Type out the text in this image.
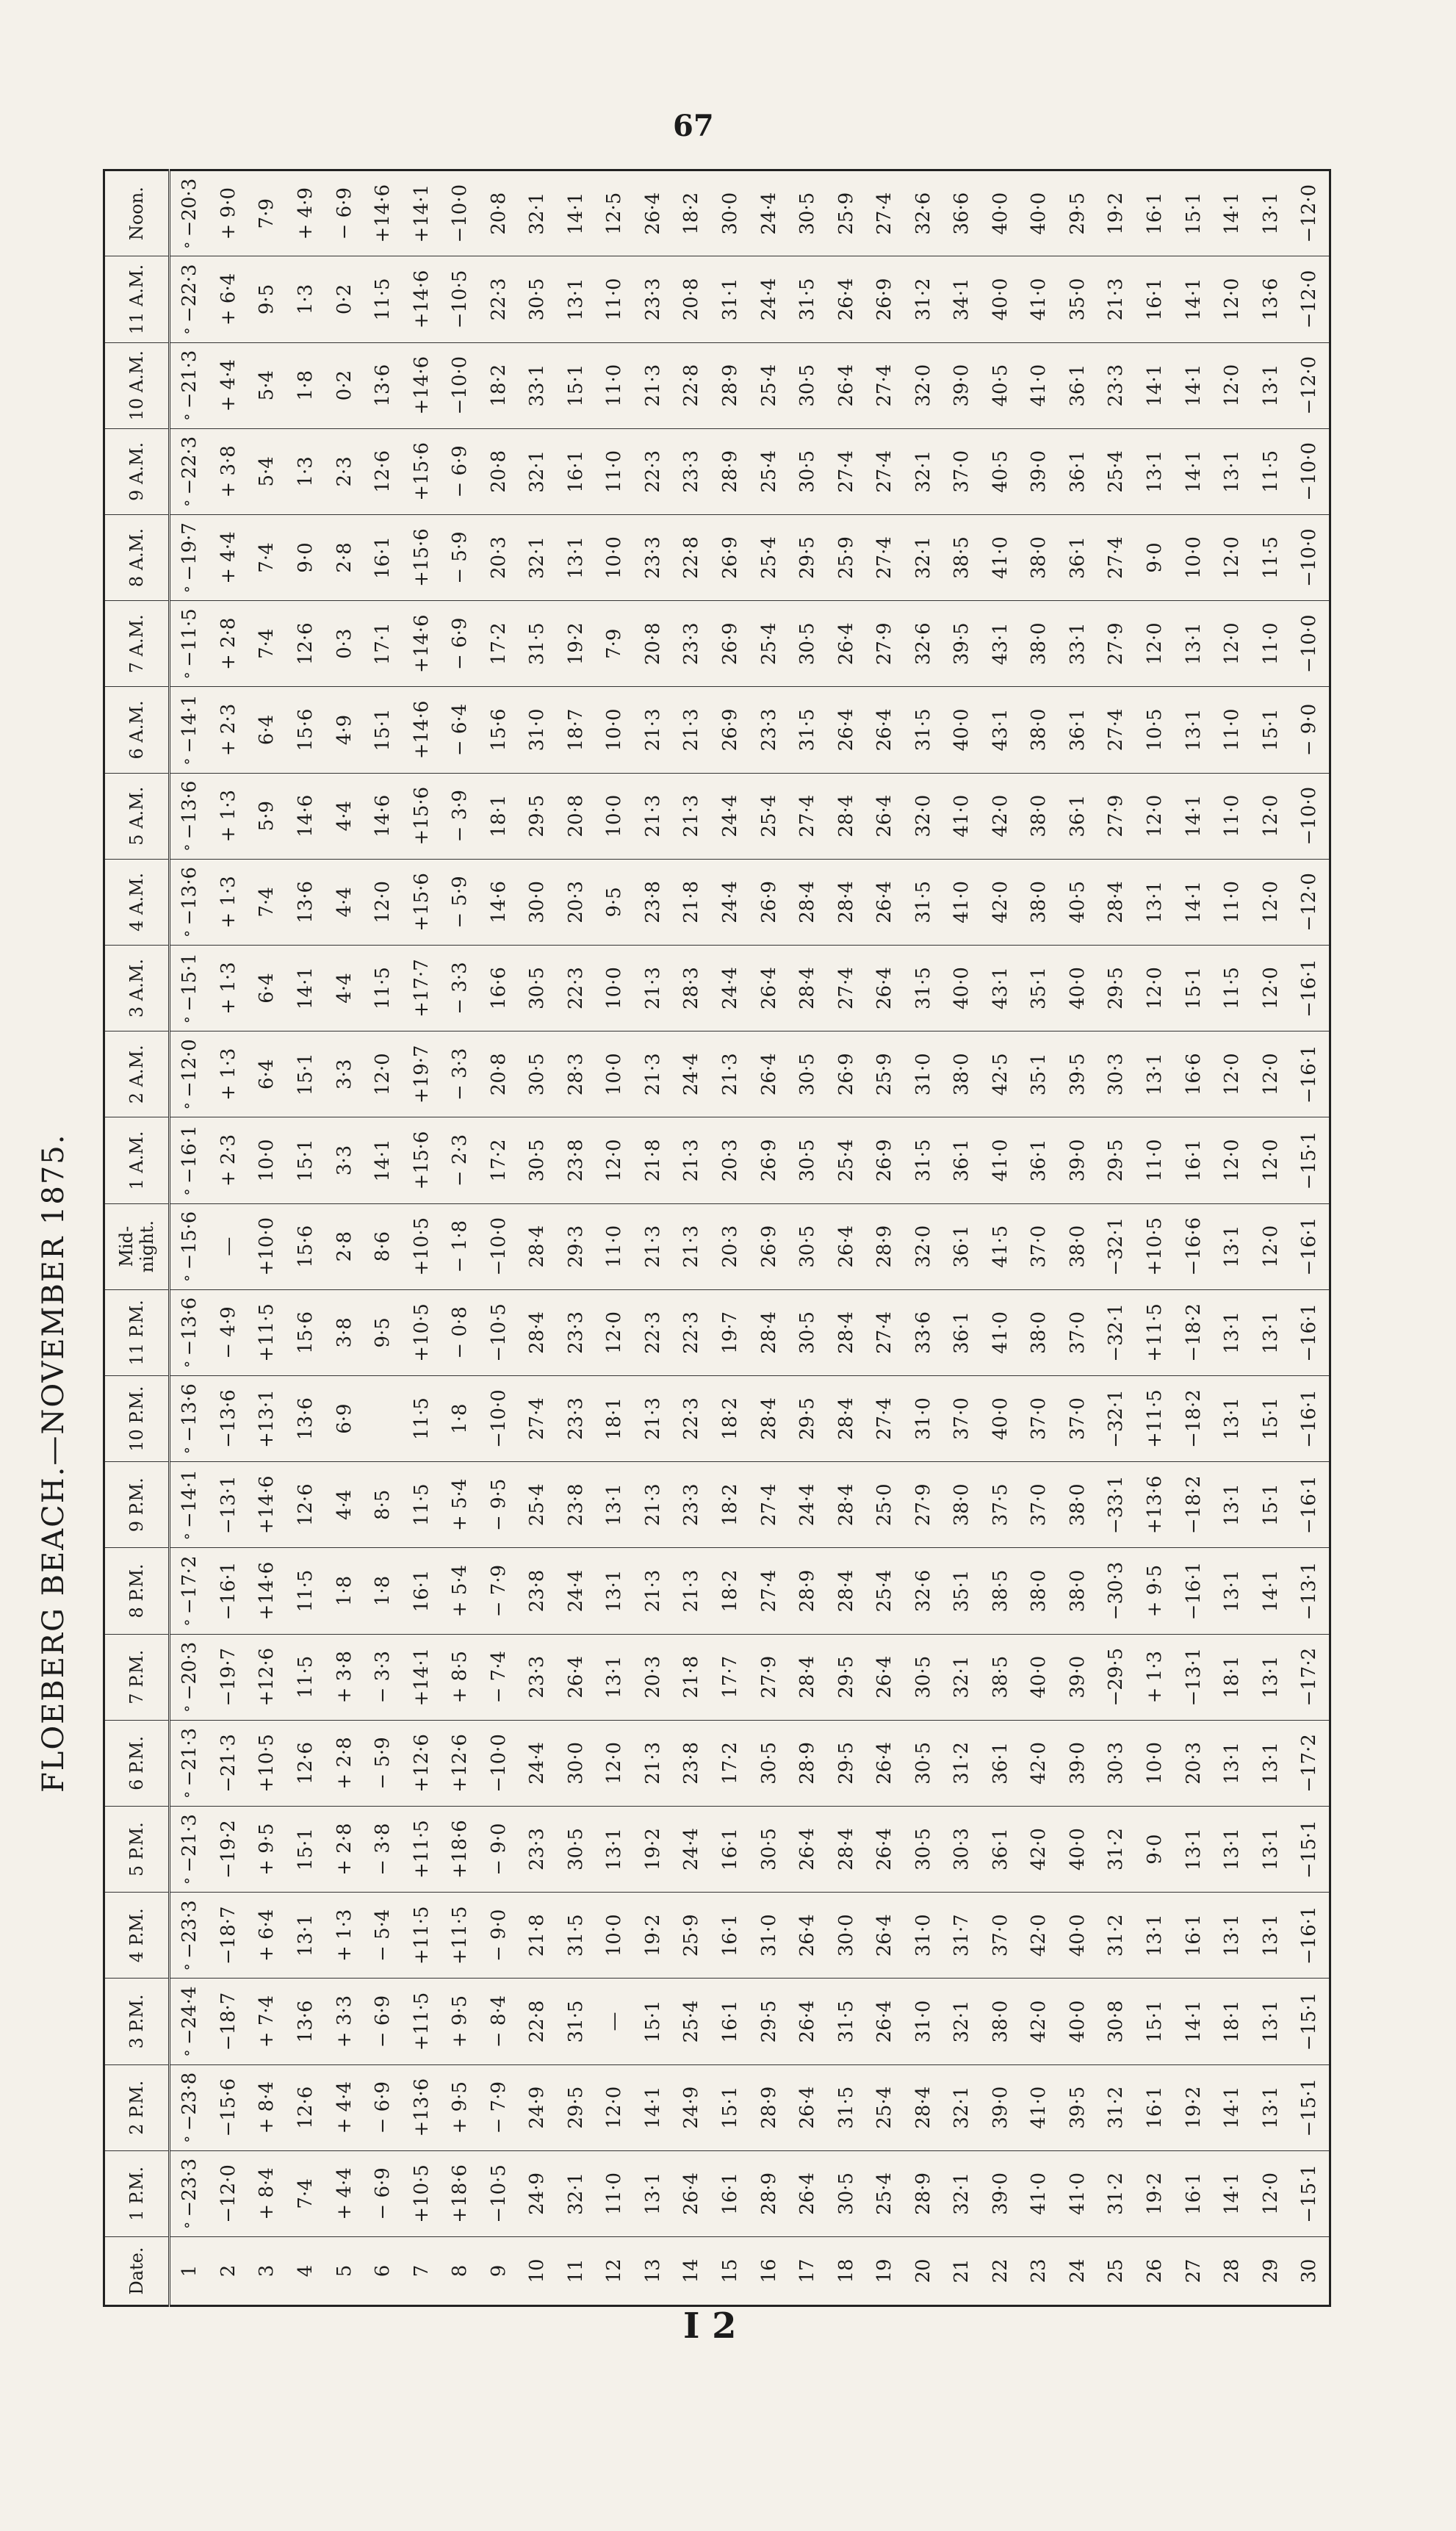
67
FLOEBERG BEACH.—NOVEMBER 1875.
Date.	1 P.M.	2 P.M.	3 P.M.	4 P.M.	5 P.M.	6 P.M.	7 P.M.	8 P.M.	9 P.M.	10 P.M.	11 P.M.	Mid-night.	1 A.M.	2 A.M.	3 A.M.	4 A.M.	5 A.M.	6 A.M.	7 A.M.	8 A.M.	9 A.M.	10 A.M.	11 A.M.	Noon.
1	° −23·3	° −23·8	° −24·4	° −23·3	° −21·3	° −21·3	° −20·3	° −17·2	° −14·1	° −13·6	° −13·6	° −15·6	° −16·1	° −12·0	° −15·1	° −13·6	° −13·6	° −14·1	° −11·5	° −19·7	° −22·3	° −21·3	° −22·3	° −20·3
2	−12·0	−15·6	−18·7	−18·7	−19·2	−21·3	−19·7	−16·1	−13·1	−13·6	− 4·9	—	+ 2·3	+ 1·3	+ 1·3	+ 1·3	+ 1·3	+ 2·3	+ 2·8	+ 4·4	+ 3·8	+ 4·4	+ 6·4	+ 9·0
3	+ 8·4	+ 8·4	+ 7·4	+ 6·4	+ 9·5	+10·5	+12·6	+14·6	+14·6	+13·1	+11·5	+10·0	10·0	6·4	6·4	7·4	5·9	6·4	7·4	7·4	5·4	5·4	9·5	7·9
4	7·4	12·6	13·6	13·1	15·1	12·6	11·5	11·5	12·6	13·6	15·6	15·6	15·1	15·1	14·1	13·6	14·6	15·6	12·6	9·0	1·3	1·8	1·3	+ 4·9
5	+ 4·4	+ 4·4	+ 3·3	+ 1·3	+ 2·8	+ 2·8	+ 3·8	1·8	4·4	6·9	3·8	2·8	3·3	3·3	4·4	4·4	4·4	4·9	0·3	2·8	2·3	0·2	0·2	− 6·9
6	− 6·9	− 6·9	− 6·9	− 5·4	− 3·8	− 5·9	− 3·3	1·8	8·5		9·5	8·6	14·1	12·0	11·5	12·0	14·6	15·1	17·1	16·1	12·6	13·6	11·5	+14·6
7	+10·5	+13·6	+11·5	+11·5	+11·5	+12·6	+14·1	16·1	11·5	11·5	+10·5	+10·5	+15·6	+19·7	+17·7	+15·6	+15·6	+14·6	+14·6	+15·6	+15·6	+14·6	+14·6	+14·1
8	+18·6	+ 9·5	+ 9·5	+11·5	+18·6	+12·6	+ 8·5	+ 5·4	+ 5·4	1·8	− 0·8	− 1·8	− 2·3	− 3·3	− 3·3	− 5·9	− 3·9	− 6·4	− 6·9	− 5·9	− 6·9	−10·0	−10·5	−10·0
9	−10·5	− 7·9	− 8·4	− 9·0	− 9·0	−10·0	− 7·4	− 7·9	− 9·5	−10·0	−10·5	−10·0	17·2	20·8	16·6	14·6	18·1	15·6	17·2	20·3	20·8	18·2	22·3	20·8
10	24·9	24·9	22·8	21·8	23·3	24·4	23·3	23·8	25·4	27·4	28·4	28·4	30·5	30·5	30·5	30·0	29·5	31·0	31·5	32·1	32·1	33·1	30·5	32·1
11	32·1	29·5	31·5	31·5	30·5	30·0	26·4	24·4	23·8	23·3	23·3	29·3	23·8	28·3	22·3	20·3	20·8	18·7	19·2	13·1	16·1	15·1	13·1	14·1
12	11·0	12·0	—	10·0	13·1	12·0	13·1	13·1	13·1	18·1	12·0	11·0	12·0	10·0	10·0	9·5	10·0	10·0	7·9	10·0	11·0	11·0	11·0	12·5
13	13·1	14·1	15·1	19·2	19·2	21·3	20·3	21·3	21·3	21·3	22·3	21·3	21·8	21·3	21·3	23·8	21·3	21·3	20·8	23·3	22·3	21·3	23·3	26·4
14	26·4	24·9	25·4	25·9	24·4	23·8	21·8	21·3	23·3	22·3	22·3	21·3	21·3	24·4	28·3	21·8	21·3	21·3	23·3	22·8	23·3	22·8	20·8	18·2
15	16·1	15·1	16·1	16·1	16·1	17·2	17·7	18·2	18·2	18·2	19·7	20·3	20·3	21·3	24·4	24·4	24·4	26·9	26·9	26·9	28·9	28·9	31·1	30·0
16	28·9	28·9	29·5	31·0	30·5	30·5	27·9	27·4	27·4	28·4	28·4	26·9	26·9	26·4	26·4	26·9	25·4	23·3	25·4	25·4	25·4	25·4	24·4	24·4
17	26·4	26·4	26·4	26·4	26·4	28·9	28·4	28·9	24·4	29·5	30·5	30·5	30·5	30·5	28·4	28·4	27·4	31·5	30·5	29·5	30·5	30·5	31·5	30·5
18	30·5	31·5	31·5	30·0	28·4	29·5	29·5	28·4	28·4	28·4	28·4	26·4	25·4	26·9	27·4	28·4	28·4	26·4	26·4	25·9	27·4	26·4	26·4	25·9
19	25·4	25·4	26·4	26·4	26·4	26·4	26·4	25·4	25·0	27·4	27·4	28·9	26·9	25·9	26·4	26·4	26·4	26·4	27·9	27·4	27·4	27·4	26·9	27·4
20	28·9	28·4	31·0	31·0	30·5	30·5	30·5	32·6	27·9	31·0	33·6	32·0	31·5	31·0	31·5	31·5	32·0	31·5	32·6	32·1	32·1	32·0	31·2	32·6
21	32·1	32·1	32·1	31·7	30·3	31·2	32·1	35·1	38·0	37·0	36·1	36·1	36·1	38·0	40·0	41·0	41·0	40·0	39·5	38·5	37·0	39·0	34·1	36·6
22	39·0	39·0	38·0	37·0	36·1	36·1	38·5	38·5	37·5	40·0	41·0	41·5	41·0	42·5	43·1	42·0	42·0	43·1	43·1	41·0	40·5	40·5	40·0	40·0
23	41·0	41·0	42·0	42·0	42·0	42·0	40·0	38·0	37·0	37·0	38·0	37·0	36·1	35·1	35·1	38·0	38·0	38·0	38·0	38·0	39·0	41·0	41·0	40·0
24	41·0	39·5	40·0	40·0	40·0	39·0	39·0	38·0	38·0	37·0	37·0	38·0	39·0	39·5	40·0	40·5	36·1	36·1	33·1	36·1	36·1	36·1	35·0	29·5
25	31·2	31·2	30·8	31·2	31·2	30·3	−29·5	−30·3	−33·1	−32·1	−32·1	−32·1	29·5	30·3	29·5	28·4	27·9	27·4	27·9	27·4	25·4	23·3	21·3	19·2
26	19·2	16·1	15·1	13·1	9·0	10·0	+ 1·3	+ 9·5	+13·6	+11·5	+11·5	+10·5	11·0	13·1	12·0	13·1	12·0	10·5	12·0	9·0	13·1	14·1	16·1	16·1
27	16·1	19·2	14·1	16·1	13·1	20·3	−13·1	−16·1	−18·2	−18·2	−18·2	−16·6	16·1	16·6	15·1	14·1	14·1	13·1	13·1	10·0	14·1	14·1	14·1	15·1
28	14·1	14·1	18·1	13·1	13·1	13·1	18·1	13·1	13·1	13·1	13·1	13·1	12·0	12·0	11·5	11·0	11·0	11·0	12·0	12·0	13·1	12·0	12·0	14·1
29	12·0	13·1	13·1	13·1	13·1	13·1	13·1	14·1	15·1	15·1	13·1	12·0	12·0	12·0	12·0	12·0	12·0	15·1	11·0	11·5	11·5	13·1	13·6	13·1
30	−15·1	−15·1	−15·1	−16·1	−15·1	−17·2	−17·2	−13·1	−16·1	−16·1	−16·1	−16·1	−15·1	−16·1	−16·1	−12·0	−10·0	− 9·0	−10·0	−10·0	−10·0	−12·0	−12·0	−12·0
I 2
